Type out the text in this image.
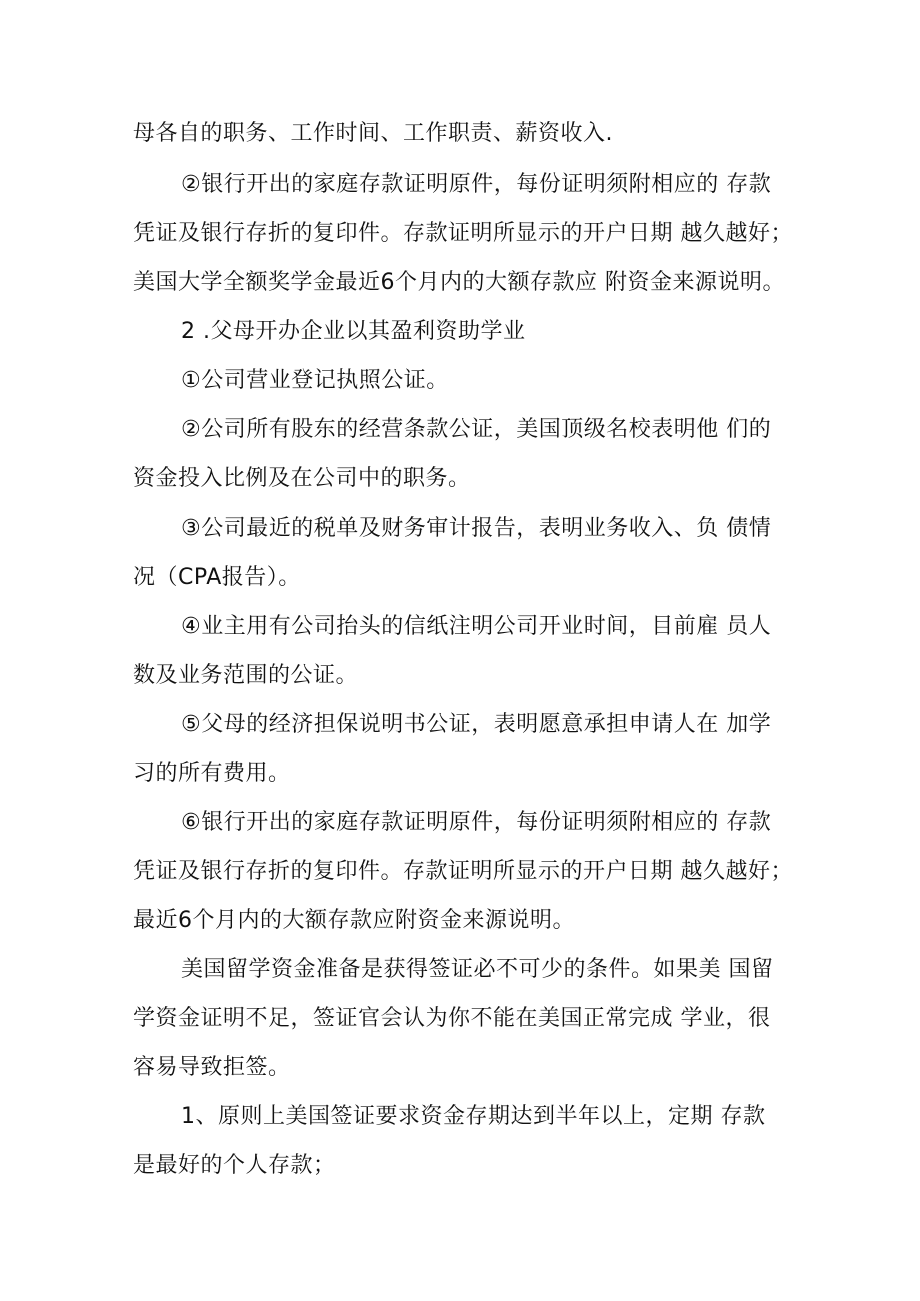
母各自的职务、工作时间、工作职责、薪资收入.
②银行开出的家庭存款证明原件，每份证明须附相应的 存款
凭证及银行存折的复印件。存款证明所显示的开户日期 越久越好；
美国大学全额奖学金最近6个月内的大额存款应 附资金来源说明。
2 .父母开办企业以其盈利资助学业
①公司营业登记执照公证。
②公司所有股东的经营条款公证，美国顶级名校表明他 们的
资金投入比例及在公司中的职务。
③公司最近的税单及财务审计报告，表明业务收入、负 债情
况（CPA报告）。
④业主用有公司抬头的信纸注明公司开业时间，目前雇 员人
数及业务范围的公证。
⑤父母的经济担保说明书公证，表明愿意承担申请人在 加学
习的所有费用。
⑥银行开出的家庭存款证明原件，每份证明须附相应的 存款
凭证及银行存折的复印件。存款证明所显示的开户日期 越久越好；
最近6个月内的大额存款应附资金来源说明。
美国留学资金准备是获得签证必不可少的条件。如果美 国留
学资金证明不足，签证官会认为你不能在美国正常完成 学业，很
容易导致拒签。
1、原则上美国签证要求资金存期达到半年以上，定期 存款
是最好的个人存款；
